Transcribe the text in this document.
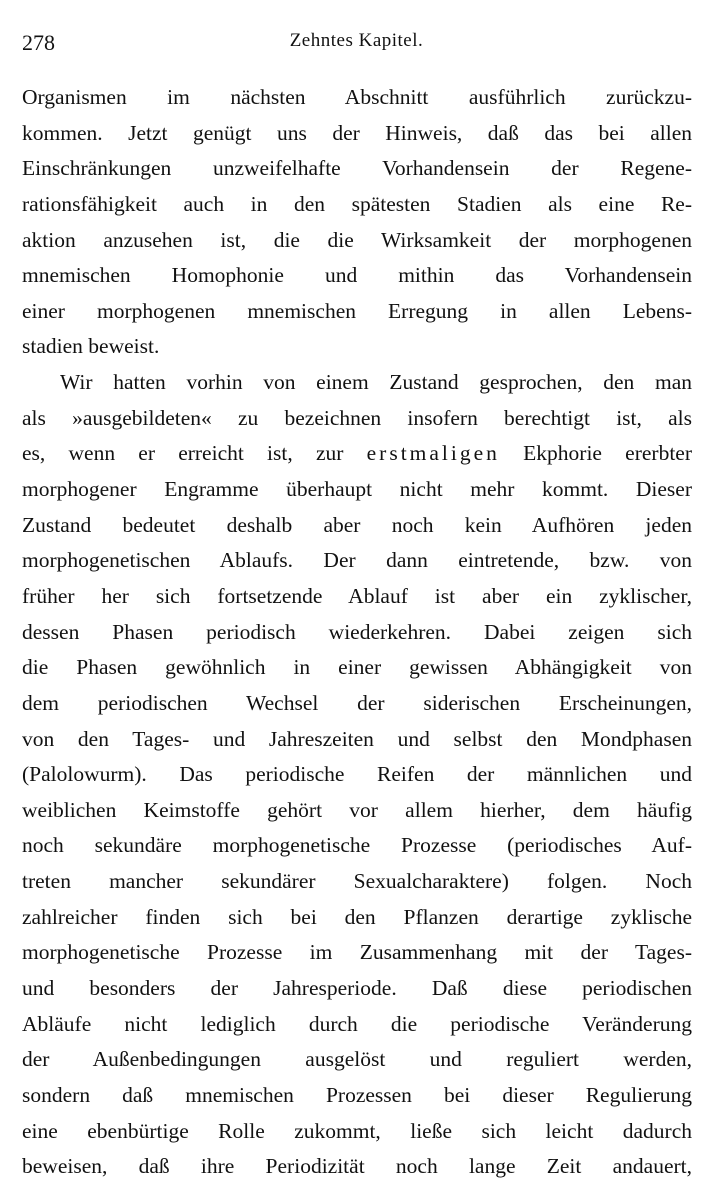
278	Zehntes Kapitel.
Organismen im nächsten Abschnitt ausführlich zurückzu-
kommen. Jetzt genügt uns der Hinweis, daß das bei allen
Einschränkungen unzweifelhafte Vorhandensein der Regene-
rationsfähigkeit auch in den spätesten Stadien als eine Re-
aktion anzusehen ist, die die Wirksamkeit der morphogenen
mnemischen Homophonie und mithin das Vorhandensein
einer morphogenen mnemischen Erregung in allen Lebens-
stadien beweist.
Wir hatten vorhin von einem Zustand gesprochen, den man
als »ausgebildeten« zu bezeichnen insofern berechtigt ist, als
es, wenn er erreicht ist, zur erstmaligen Ekphorie ererbter
morphogener Engramme überhaupt nicht mehr kommt. Dieser
Zustand bedeutet deshalb aber noch kein Aufhören jeden
morphogenetischen Ablaufs. Der dann eintretende, bzw. von
früher her sich fortsetzende Ablauf ist aber ein zyklischer,
dessen Phasen periodisch wiederkehren. Dabei zeigen sich
die Phasen gewöhnlich in einer gewissen Abhängigkeit von
dem periodischen Wechsel der siderischen Erscheinungen,
von den Tages- und Jahreszeiten und selbst den Mondphasen
(Palolowurm). Das periodische Reifen der männlichen und
weiblichen Keimstoffe gehört vor allem hierher, dem häufig
noch sekundäre morphogenetische Prozesse (periodisches Auf-
treten mancher sekundärer Sexualcharaktere) folgen. Noch
zahlreicher finden sich bei den Pflanzen derartige zyklische
morphogenetische Prozesse im Zusammenhang mit der Tages-
und besonders der Jahresperiode. Daß diese periodischen
Abläufe nicht lediglich durch die periodische Veränderung
der Außenbedingungen ausgelöst und reguliert werden,
sondern daß mnemischen Prozessen bei dieser Regulierung
eine ebenbürtige Rolle zukommt, ließe sich leicht dadurch
beweisen, daß ihre Periodizität noch lange Zeit andauert,
